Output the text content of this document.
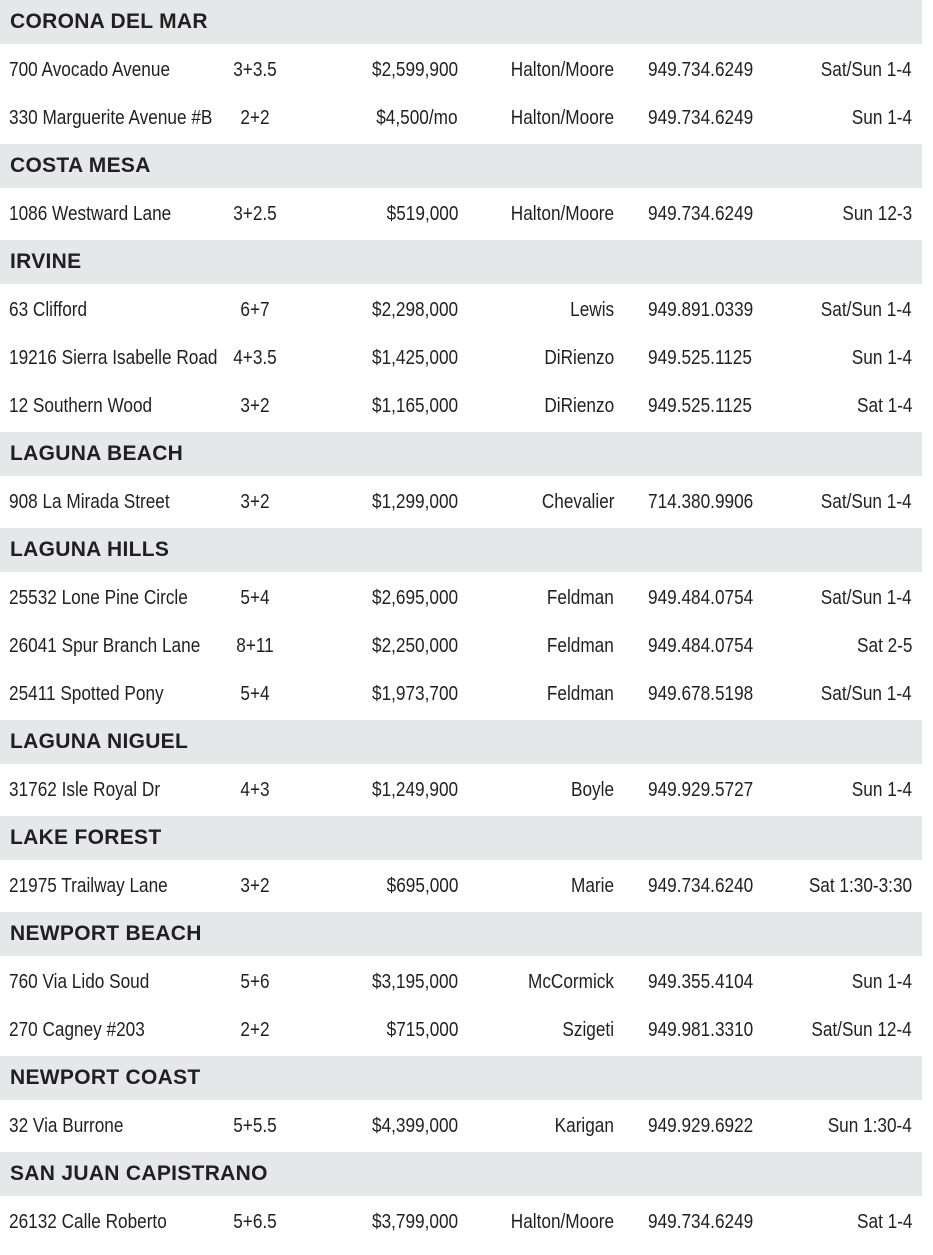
CORONA DEL MAR
700 Avocado Avenue	3+3.5	$2,599,900	Halton/Moore 949.734.6249	Sat/Sun 1-4
330 Marguerite Avenue #B	2+2	$4,500/mo	Halton/Moore 949.734.6249	Sun 1-4
COSTA MESA
1086 Westward Lane	3+2.5	$519,000	Halton/Moore 949.734.6249	Sun 12-3
IRVINE
63 Clifford	6+7	$2,298,000	Lewis 949.891.0339	Sat/Sun 1-4
19216 Sierra Isabelle Road 4+3.5	$1,425,000	DiRienzo 949.525.1125	Sun 1-4
12 Southern Wood	3+2	$1,165,000	DiRienzo 949.525.1125	Sat 1-4
LAGUNA BEACH
908 La Mirada Street	3+2	$1,299,000	Chevalier 714.380.9906	Sat/Sun 1-4
LAGUNA HILLS
25532 Lone Pine Circle	5+4	$2,695,000	Feldman 949.484.0754	Sat/Sun 1-4
26041 Spur Branch Lane	8+11	$2,250,000	Feldman 949.484.0754	Sat 2-5
25411 Spotted Pony	5+4	$1,973,700	Feldman 949.678.5198	Sat/Sun 1-4
LAGUNA NIGUEL
31762 Isle Royal Dr	4+3	$1,249,900	Boyle 949.929.5727	Sun 1-4
LAKE FOREST
21975 Trailway Lane	3+2	$695,000	Marie 949.734.6240	Sat 1:30-3:30
NEWPORT BEACH
760 Via Lido Soud	5+6	$3,195,000	McCormick 949.355.4104	Sun 1-4
270 Cagney #203	2+2	$715,000	Szigeti 949.981.3310	Sat/Sun 12-4
NEWPORT COAST
32 Via Burrone	5+5.5	$4,399,000	Karigan 949.929.6922	Sun 1:30-4
SAN JUAN CAPISTRANO
26132 Calle Roberto	5+6.5	$3,799,000	Halton/Moore 949.734.6249	Sat 1-4
